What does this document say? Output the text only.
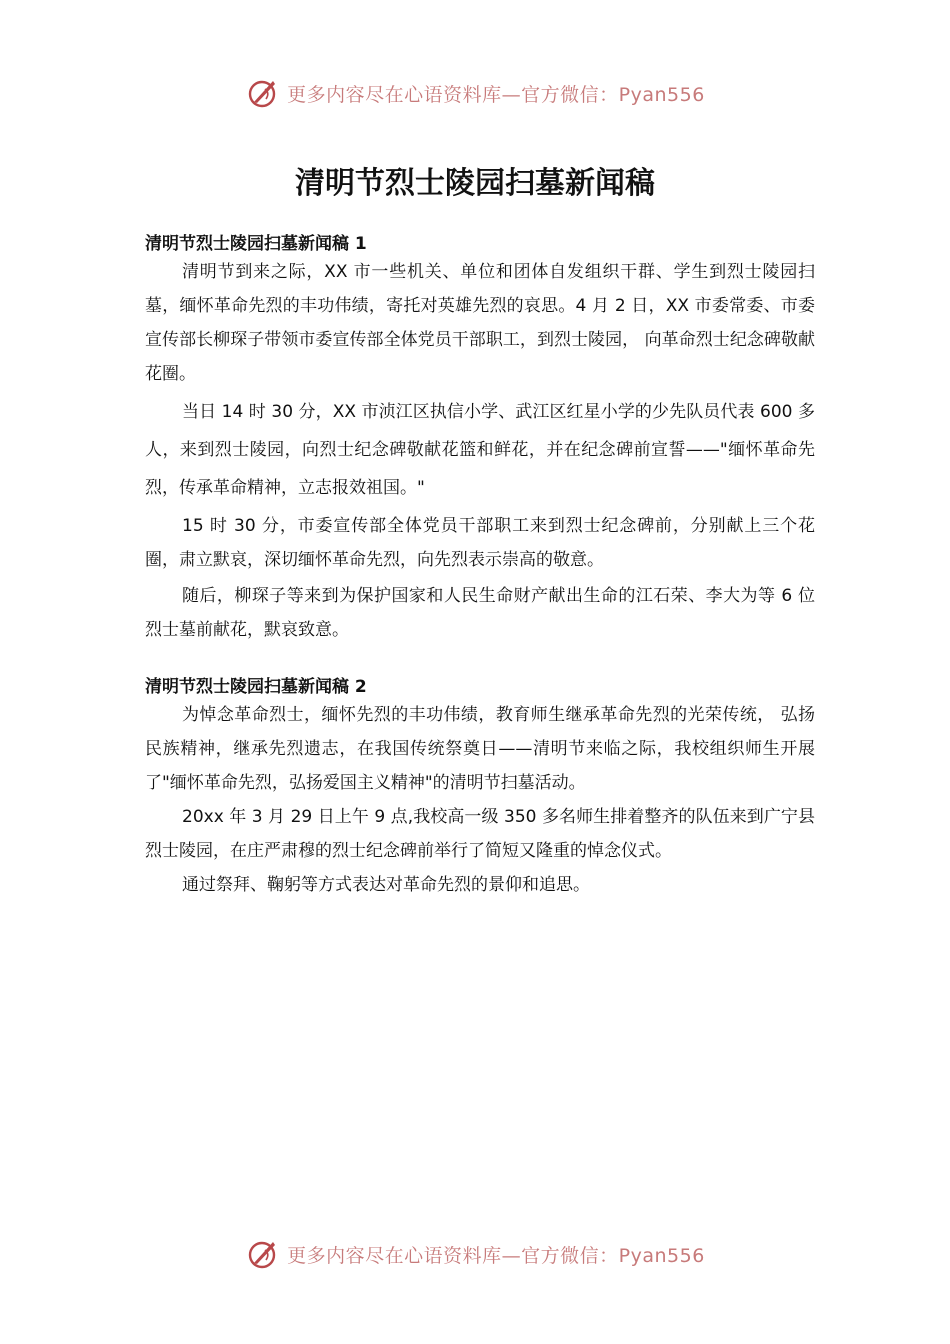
更多内容尽在心语资料库—官方微信：Pyan556
清明节烈士陵园扫墓新闻稿
清明节烈士陵园扫墓新闻稿 1
清明节到来之际，XX 市一些机关、单位和团体自发组织干群、学生到烈士陵园扫墓，缅怀革命先烈的丰功伟绩，寄托对英雄先烈的哀思。4 月 2 日，XX 市委常委、市委宣传部长柳琛子带领市委宣传部全体党员干部职工，到烈士陵园， 向革命烈士纪念碑敬献花圈。
当日 14 时 30 分，XX 市浈江区执信小学、武江区红星小学的少先队员代表 600 多人，来到烈士陵园，向烈士纪念碑敬献花篮和鲜花，并在纪念碑前宣誓——"缅怀革命先烈，传承革命精神，立志报效祖国。"
15 时 30 分，市委宣传部全体党员干部职工来到烈士纪念碑前，分别献上三个花圈，肃立默哀，深切缅怀革命先烈，向先烈表示崇高的敬意。
随后，柳琛子等来到为保护国家和人民生命财产献出生命的江石荣、李大为等 6 位烈士墓前献花，默哀致意。
清明节烈士陵园扫墓新闻稿 2
为悼念革命烈士，缅怀先烈的丰功伟绩，教育师生继承革命先烈的光荣传统， 弘扬民族精神，继承先烈遗志，在我国传统祭奠日——清明节来临之际，我校组织师生开展了"缅怀革命先烈，弘扬爱国主义精神"的清明节扫墓活动。
20xx 年 3 月 29 日上午 9 点,我校高一级 350 多名师生排着整齐的队伍来到广宁县烈士陵园，在庄严肃穆的烈士纪念碑前举行了简短又隆重的悼念仪式。
通过祭拜、鞠躬等方式表达对革命先烈的景仰和追思。
更多内容尽在心语资料库—官方微信：Pyan556
